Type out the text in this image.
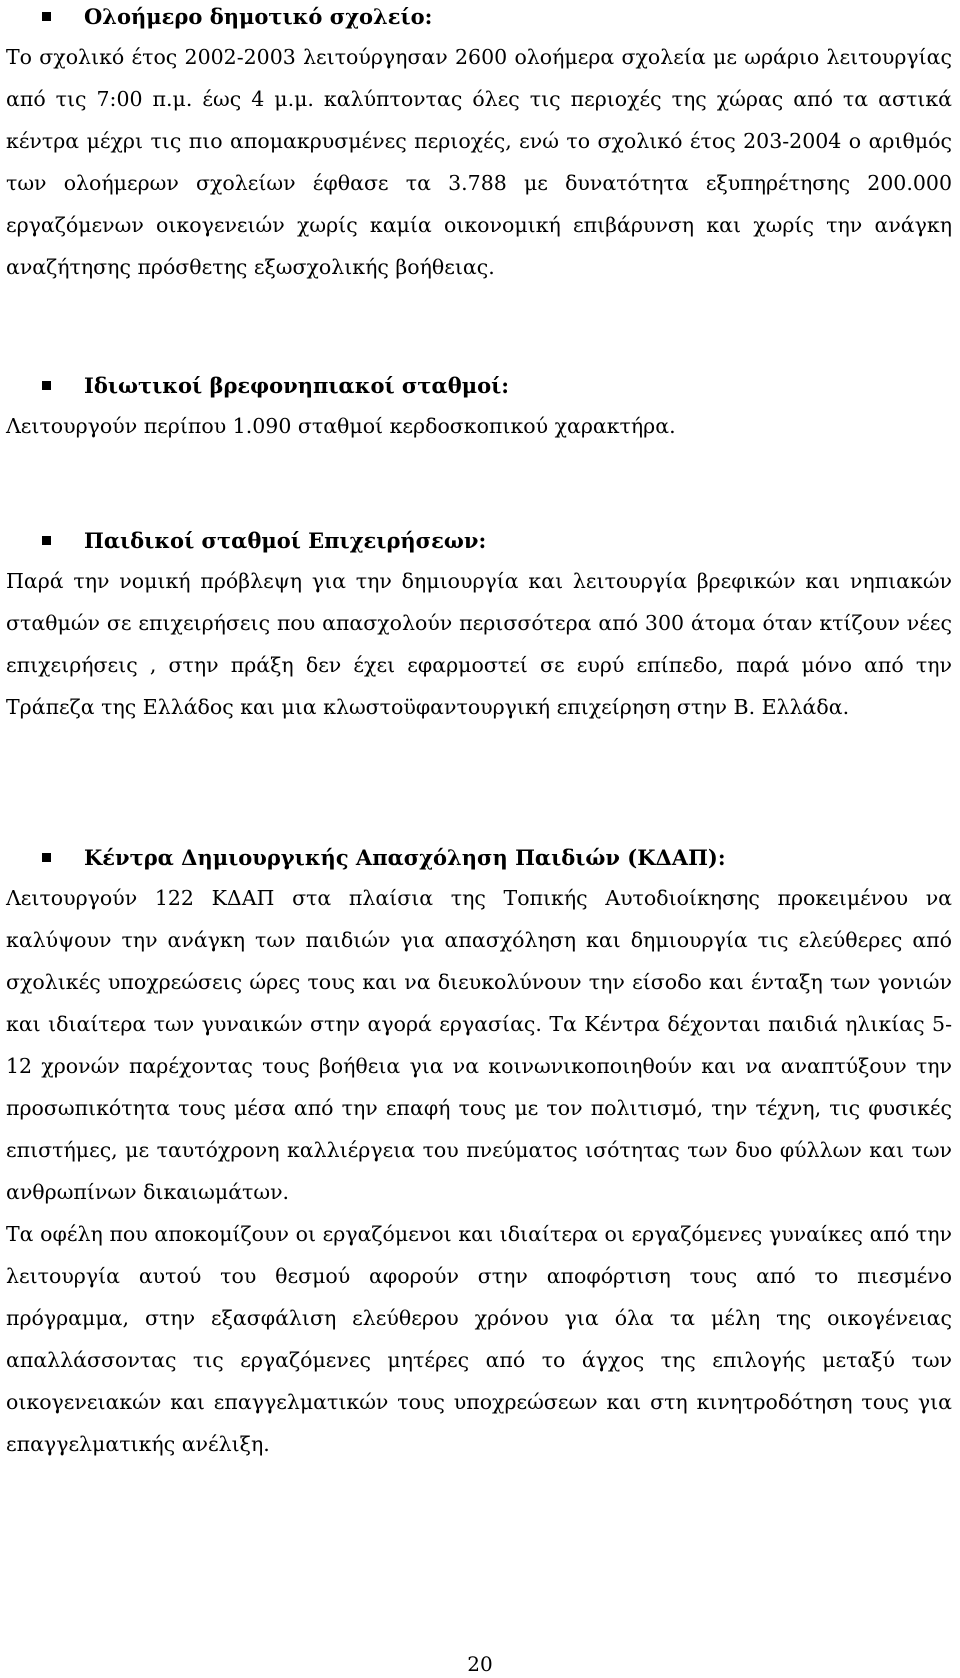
Ολοήμερο δημοτικό σχολείο:

Το σχολικό έτος 2002-2003 λειτούργησαν 2600 ολοήμερα σχολεία με ωράριο λειτουργίας από τις 7:00 π.μ. έως 4 μ.μ. καλύπτοντας όλες τις περιοχές της χώρας από τα αστικά κέντρα μέχρι τις πιο απομακρυσμένες περιοχές, ενώ το σχολικό έτος 203-2004 ο αριθμός των ολοήμερων σχολείων έφθασε τα 3.788 με δυνατότητα εξυπηρέτησης 200.000 εργαζόμενων οικογενειών χωρίς καμία οικονομική επιβάρυνση και χωρίς την ανάγκη αναζήτησης πρόσθετης εξωσχολικής βοήθειας.

Ιδιωτικοί βρεφονηπιακοί σταθμοί:

Λειτουργούν περίπου 1.090 σταθμοί κερδοσκοπικού χαρακτήρα.

Παιδικοί σταθμοί Επιχειρήσεων:

Παρά την νομική πρόβλεψη για την δημιουργία και λειτουργία βρεφικών και νηπιακών σταθμών σε επιχειρήσεις που απασχολούν περισσότερα από 300 άτομα όταν κτίζουν νέες επιχειρήσεις , στην πράξη δεν έχει εφαρμοστεί σε ευρύ επίπεδο, παρά μόνο από την Τράπεζα της Ελλάδος και μια κλωστοϋφαντουργική επιχείρηση στην Β. Ελλάδα.

Κέντρα Δημιουργικής Απασχόληση Παιδιών (ΚΔΑΠ):

Λειτουργούν 122 ΚΔΑΠ στα πλαίσια της Τοπικής Αυτοδιοίκησης προκειμένου να καλύψουν την ανάγκη των παιδιών για απασχόληση και δημιουργία τις ελεύθερες από σχολικές υποχρεώσεις ώρες τους και να διευκολύνουν την είσοδο και ένταξη των γονιών και ιδιαίτερα των γυναικών στην αγορά εργασίας. Τα Κέντρα δέχονται παιδιά ηλικίας 5-12 χρονών παρέχοντας τους βοήθεια για να κοινωνικοποιηθούν και να αναπτύξουν την προσωπικότητα τους μέσα από την επαφή τους με τον πολιτισμό, την τέχνη, τις φυσικές επιστήμες, με ταυτόχρονη καλλιέργεια του πνεύματος ισότητας των δυο φύλλων και των ανθρωπίνων δικαιωμάτων.

Τα οφέλη που αποκομίζουν οι εργαζόμενοι και ιδιαίτερα οι εργαζόμενες γυναίκες από την λειτουργία αυτού του θεσμού αφορούν στην αποφόρτιση τους από το πιεσμένο πρόγραμμα, στην εξασφάλιση ελεύθερου χρόνου για όλα τα μέλη της οικογένειας απαλλάσσοντας τις εργαζόμενες μητέρες από το άγχος της επιλογής μεταξύ των οικογενειακών και επαγγελματικών τους υποχρεώσεων και στη κινητροδότηση τους για επαγγελματικής ανέλιξη.

20
